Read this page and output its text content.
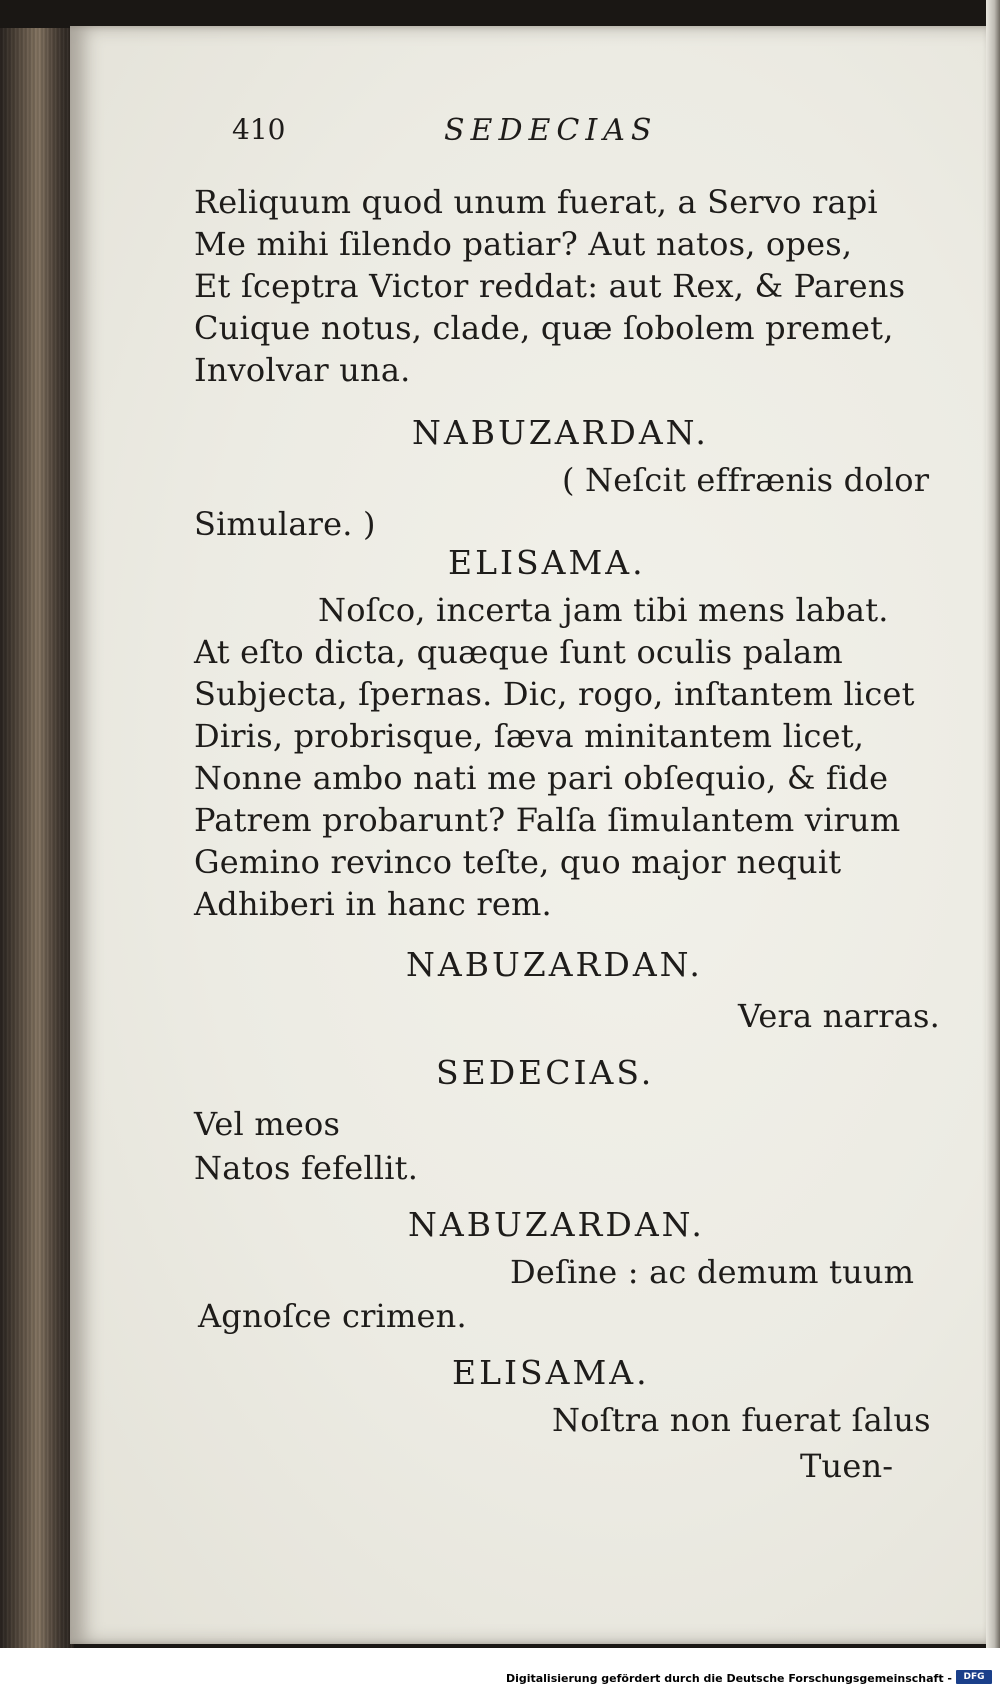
410	SEDECIAS

Reliquum quod unum fuerat, a Servo rapi

Me mihi ſilendo patiar? Aut natos, opes,

Et ſceptra Victor reddat: aut Rex, & Parens

Cuique notus, clade, quæ ſobolem premet,

Involvar una.

NABUZARDAN.

( Neſcit effrænis dolor

Simulare. )

ELISAMA.

Noſco, incerta jam tibi mens labat.

At eſto dicta, quæque ſunt oculis palam

Subjecta, ſpernas. Dic, rogo, inſtantem licet

Diris, probrisque, ſæva minitantem licet,

Nonne ambo nati me pari obſequio, & fide

Patrem probarunt? Falſa ſimulantem virum

Gemino revinco teſte, quo major nequit

Adhiberi in hanc rem.

NABUZARDAN.

Vera narras.

SEDECIAS.

Vel meos

Natos fefellit.

NABUZARDAN.

Deſine : ac demum tuum

Agnoſce crimen.

ELISAMA.

Noſtra non fuerat ſalus

Tuen-

Digitalisierung gefördert durch die Deutsche Forschungsgemeinschaft -	DFG
